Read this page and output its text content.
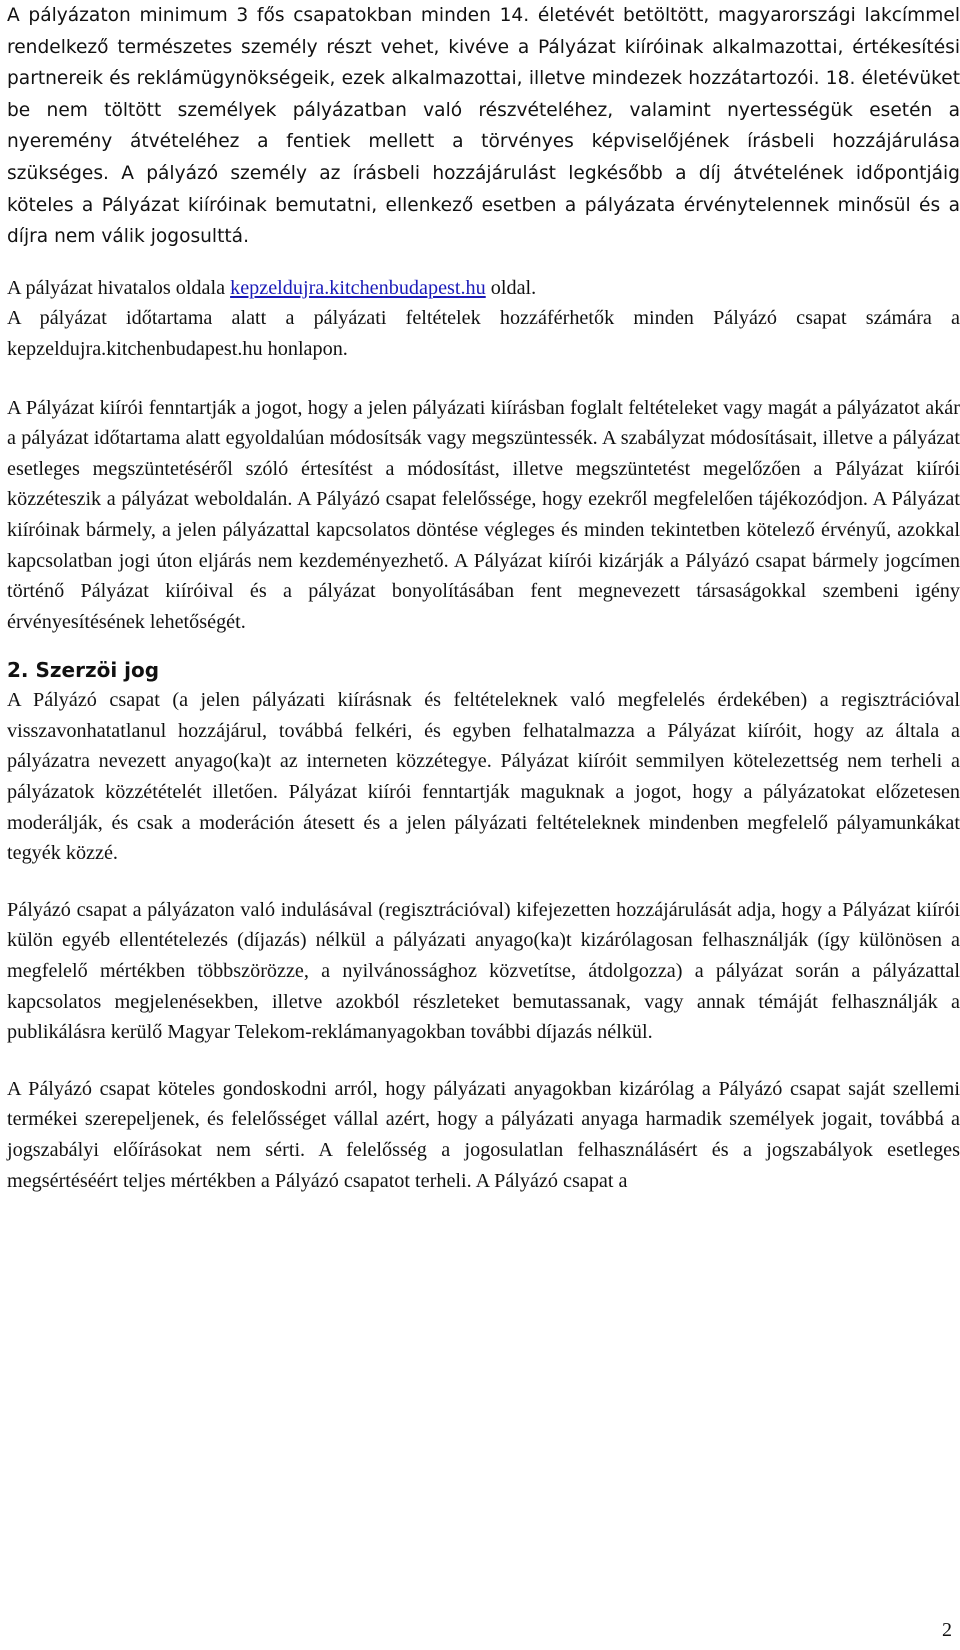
A pályázaton minimum 3 fős csapatokban minden 14. életévét betöltött, magyarországi lakcímmel rendelkező természetes személy részt vehet, kivéve a Pályázat kiíróinak alkalmazottai, értékesítési partnereik és reklámügynökségeik, ezek alkalmazottai, illetve mindezek hozzátartozói. 18. életévüket be nem töltött személyek pályázatban való részvételéhez, valamint nyertességük esetén a nyeremény átvételéhez a fentiek mellett a törvényes képviselőjének írásbeli hozzájárulása szükséges. A pályázó személy az írásbeli hozzájárulást legkésőbb a díj átvételének időpontjáig köteles a Pályázat kiíróinak bemutatni, ellenkező esetben a pályázata érvénytelennek minősül és a díjra nem válik jogosulttá.

A pályázat hivatalos oldala kepzeldujra.kitchenbudapest.hu oldal.

A pályázat időtartama alatt a pályázati feltételek hozzáférhetők minden Pályázó csapat számára a kepzeldujra.kitchenbudapest.hu honlapon.

A Pályázat kiírói fenntartják a jogot, hogy a jelen pályázati kiírásban foglalt feltételeket vagy magát a pályázatot akár a pályázat időtartama alatt egyoldalúan módosítsák vagy megszüntessék. A szabályzat módosításait, illetve a pályázat esetleges megszüntetéséről szóló értesítést a módosítást, illetve megszüntetést megelőzően a Pályázat kiírói közzéteszik a pályázat weboldalán. A Pályázó csapat felelőssége, hogy ezekről megfelelően tájékozódjon. A Pályázat kiíróinak bármely, a jelen pályázattal kapcsolatos döntése végleges és minden tekintetben kötelező érvényű, azokkal kapcsolatban jogi úton eljárás nem kezdeményezhető. A Pályázat kiírói kizárják a Pályázó csapat bármely jogcímen történő Pályázat kiíróival és a pályázat bonyolításában fent megnevezett társaságokkal szembeni igény érvényesítésének lehetőségét.

2. Szerzöi jog

A Pályázó csapat (a jelen pályázati kiírásnak és feltételeknek való megfelelés érdekében) a regisztrációval visszavonhatatlanul hozzájárul, továbbá felkéri, és egyben felhatalmazza a Pályázat kiíróit, hogy az általa a pályázatra nevezett anyago(ka)t az interneten közzétegye. Pályázat kiíróit semmilyen kötelezettség nem terheli a pályázatok közzétételét illetően. Pályázat kiírói fenntartják maguknak a jogot, hogy a pályázatokat előzetesen moderálják, és csak a moderáción átesett és a jelen pályázati feltételeknek mindenben megfelelő pályamunkákat tegyék közzé.

Pályázó csapat a pályázaton való indulásával (regisztrációval) kifejezetten hozzájárulását adja, hogy a Pályázat kiírói külön egyéb ellentételezés (díjazás) nélkül a pályázati anyago(ka)t kizárólagosan felhasználják (így különösen a megfelelő mértékben többszörözze, a nyilvánossághoz közvetítse, átdolgozza) a pályázat során a pályázattal kapcsolatos megjelenésekben, illetve azokból részleteket bemutassanak, vagy annak témáját felhasználják a publikálásra kerülő Magyar Telekom-reklámanyagokban további díjazás nélkül.

A Pályázó csapat köteles gondoskodni arról, hogy pályázati anyagokban kizárólag a Pályázó csapat saját szellemi termékei szerepeljenek, és felelősséget vállal azért, hogy a pályázati anyaga harmadik személyek jogait, továbbá a jogszabályi előírásokat nem sérti. A felelősség a jogosulatlan felhasználásért és a jogszabályok esetleges megsértéséért teljes mértékben a Pályázó csapatot terheli. A Pályázó csapat a

2
